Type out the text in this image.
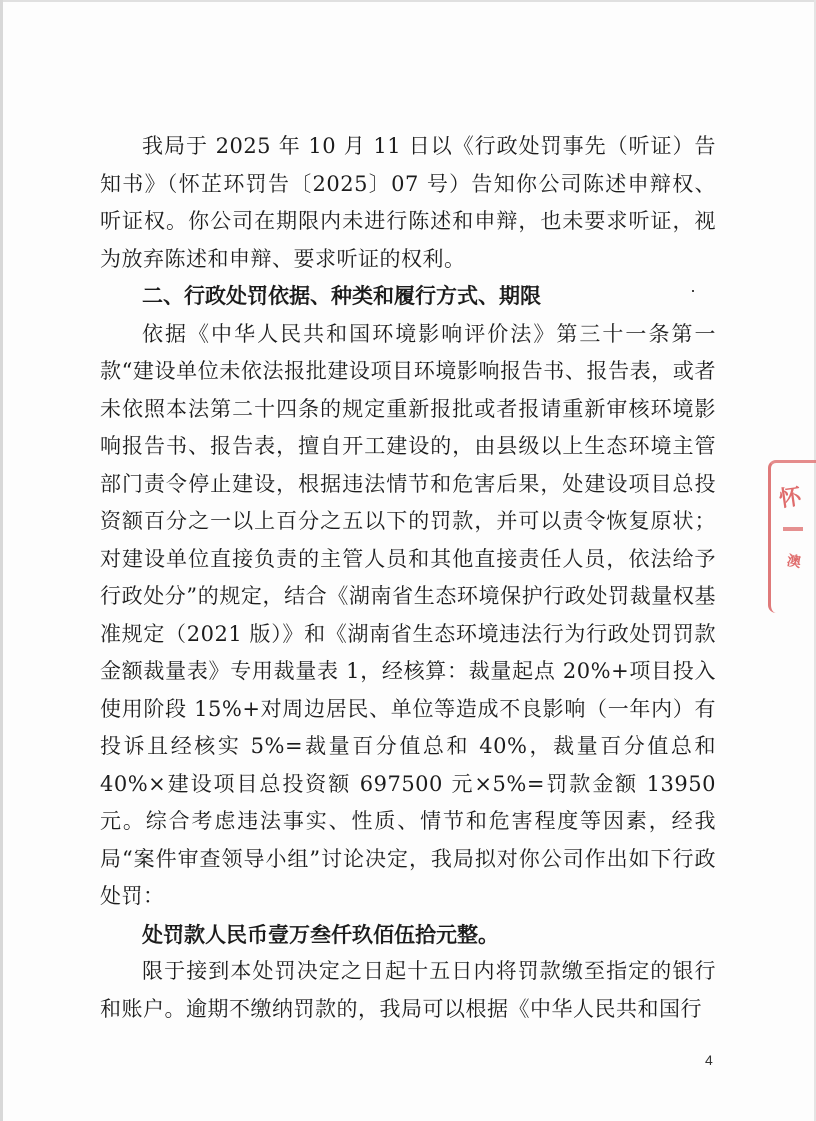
我局于 2025 年 10 月 11 日以《行政处罚事先（听证）告知书》（怀芷环罚告〔2025〕07 号）告知你公司陈述申辩权、听证权。你公司在期限内未进行陈述和申辩，也未要求听证，视为放弃陈述和申辩、要求听证的权利。

二、行政处罚依据、种类和履行方式、期限

依据《中华人民共和国环境影响评价法》第三十一条第一款“建设单位未依法报批建设项目环境影响报告书、报告表，或者未依照本法第二十四条的规定重新报批或者报请重新审核环境影响报告书、报告表，擅自开工建设的，由县级以上生态环境主管部门责令停止建设，根据违法情节和危害后果，处建设项目总投资额百分之一以上百分之五以下的罚款，并可以责令恢复原状；对建设单位直接负责的主管人员和其他直接责任人员，依法给予行政处分”的规定，结合《湖南省生态环境保护行政处罚裁量权基准规定（2021 版）》和《湖南省生态环境违法行为行政处罚罚款金额裁量表》专用裁量表 1，经核算：裁量起点 20%+项目投入使用阶段 15%+对周边居民、单位等造成不良影响（一年内）有投诉且经核实 5%=裁量百分值总和 40%，裁量百分值总和 40%×建设项目总投资额 697500 元×5%=罚款金额 13950 元。综合考虑违法事实、性质、情节和危害程度等因素，经我局“案件审查领导小组”讨论决定，我局拟对你公司作出如下行政处罚：

处罚款人民币壹万叁仟玖佰伍拾元整。

限于接到本处罚决定之日起十五日内将罚款缴至指定的银行和账户。逾期不缴纳罚款的，我局可以根据《中华人民共和国行

怀
澳
4
